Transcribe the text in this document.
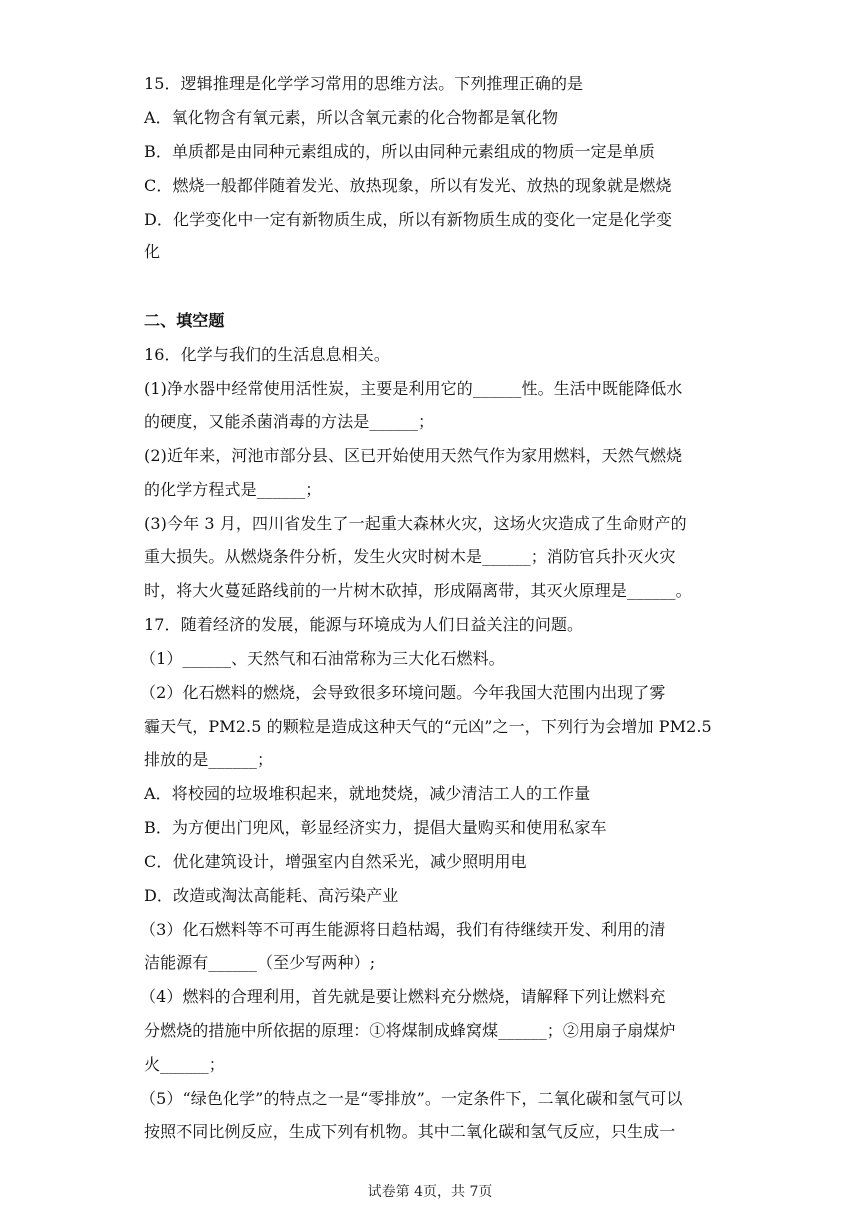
15．逻辑推理是化学学习常用的思维方法。下列推理正确的是
A．氧化物含有氧元素，所以含氧元素的化合物都是氧化物
B．单质都是由同种元素组成的，所以由同种元素组成的物质一定是单质
C．燃烧一般都伴随着发光、放热现象，所以有发光、放热的现象就是燃烧
D．化学变化中一定有新物质生成，所以有新物质生成的变化一定是化学变
化
二、填空题
16．化学与我们的生活息息相关。
(1)净水器中经常使用活性炭，主要是利用它的______性。生活中既能降低水
的硬度，又能杀菌消毒的方法是______；
(2)近年来，河池市部分县、区已开始使用天然气作为家用燃料，天然气燃烧
的化学方程式是______；
(3)今年 3 月，四川省发生了一起重大森林火灾，这场火灾造成了生命财产的
重大损失。从燃烧条件分析，发生火灾时树木是______；消防官兵扑灭火灾
时，将大火蔓延路线前的一片树木砍掉，形成隔离带，其灭火原理是______。
17．随着经济的发展，能源与环境成为人们日益关注的问题。
（1）______、天然气和石油常称为三大化石燃料。
（2）化石燃料的燃烧，会导致很多环境问题。今年我国大范围内出现了雾
霾天气，PM2.5 的颗粒是造成这种天气的“元凶”之一，下列行为会增加 PM2.5
排放的是______；
A．将校园的垃圾堆积起来，就地焚烧，减少清洁工人的工作量
B．为方便出门兜风，彰显经济实力，提倡大量购买和使用私家车
C．优化建筑设计，增强室内自然采光，减少照明用电
D．改造或淘汰高能耗、高污染产业
（3）化石燃料等不可再生能源将日趋枯竭，我们有待继续开发、利用的清
洁能源有______（至少写两种）;
（4）燃料的合理利用，首先就是要让燃料充分燃烧，请解释下列让燃料充
分燃烧的措施中所依据的原理：①将煤制成蜂窝煤______；②用扇子扇煤炉
火______；
（5）“绿色化学”的特点之一是“零排放”。一定条件下，二氧化碳和氢气可以
按照不同比例反应，生成下列有机物。其中二氧化碳和氢气反应，只生成一
试卷第 4页，共 7页
